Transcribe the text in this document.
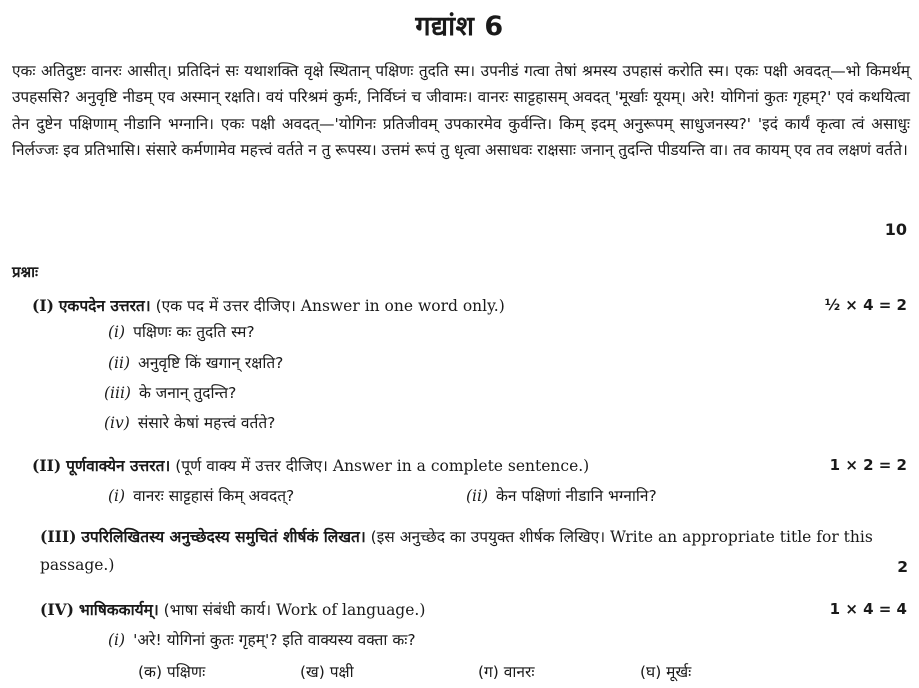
गद्यांश 6
एकः अतिदुष्टः वानरः आसीत्। प्रतिदिनं सः यथाशक्ति वृक्षे स्थितान् पक्षिणः तुदति स्म। उपनीडं गत्वा तेषां श्रमस्य उपहासं करोति स्म। एकः पक्षी अवदत्—भो किमर्थम् उपहससि? अनुवृष्टि नीडम् एव अस्मान् रक्षति। वयं परिश्रमं कुर्मः, निर्विघ्नं च जीवामः। वानरः साट्टहासम् अवदत् 'मूर्खाः यूयम्। अरे! योगिनां कुतः गृहम्?' एवं कथयित्वा तेन दुष्टेन पक्षिणाम् नीडानि भग्नानि। एकः पक्षी अवदत्—'योगिनः प्रतिजीवम् उपकारमेव कुर्वन्ति। किम् इदम् अनुरूपम् साधुजनस्य?' 'इदं कार्यं कृत्वा त्वं असाधुः निर्लज्जः इव प्रतिभासि। संसारे कर्मणामेव महत्त्वं वर्तते न तु रूपस्य। उत्तमं रूपं तु धृत्वा असाधवः राक्षसाः जनान् तुदन्ति पीडयन्ति वा। तव कायम् एव तव लक्षणं वर्तते।
10
प्रश्नाः
(I) एकपदेन उत्तरत। (एक पद में उत्तर दीजिए। Answer in one word only.)	½ × 4 = 2
(i) पक्षिणः कः तुदति स्म?
(ii) अनुवृष्टि किं खगान् रक्षति?
(iii) के जनान् तुदन्ति?
(iv) संसारे केषां महत्त्वं वर्तते?
(II) पूर्णवाक्येन उत्तरत। (पूर्ण वाक्य में उत्तर दीजिए। Answer in a complete sentence.)	1 × 2 = 2
(i) वानरः साट्टहासं किम् अवदत्?	(ii) केन पक्षिणां नीडानि भग्नानि?
(III) उपरिलिखितस्य अनुच्छेदस्य समुचितं शीर्षकं लिखत। (इस अनुच्छेद का उपयुक्त शीर्षक लिखिए। Write an appropriate title for this passage.)	2
(IV) भाषिककार्यम्। (भाषा संबंधी कार्य। Work of language.)	1 × 4 = 4
(i) 'अरे! योगिनां कुतः गृहम्'? इति वाक्यस्य वक्ता कः?
(क) पक्षिणः	(ख) पक्षी	(ग) वानरः	(घ) मूर्खः
